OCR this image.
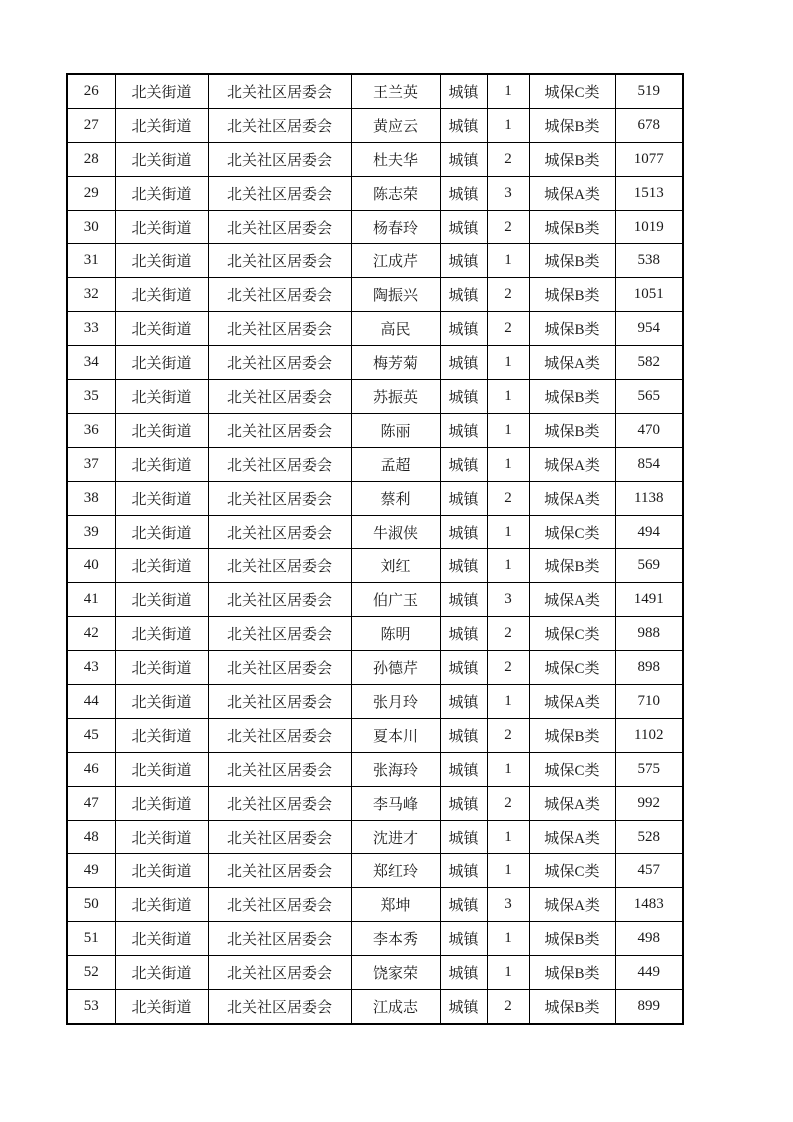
26	北关街道	北关社区居委会	王兰英	城镇	1	城保C类	519
27	北关街道	北关社区居委会	黄应云	城镇	1	城保B类	678
28	北关街道	北关社区居委会	杜夫华	城镇	2	城保B类	1077
29	北关街道	北关社区居委会	陈志荣	城镇	3	城保A类	1513
30	北关街道	北关社区居委会	杨春玲	城镇	2	城保B类	1019
31	北关街道	北关社区居委会	江成芹	城镇	1	城保B类	538
32	北关街道	北关社区居委会	陶振兴	城镇	2	城保B类	1051
33	北关街道	北关社区居委会	高民	城镇	2	城保B类	954
34	北关街道	北关社区居委会	梅芳菊	城镇	1	城保A类	582
35	北关街道	北关社区居委会	苏振英	城镇	1	城保B类	565
36	北关街道	北关社区居委会	陈丽	城镇	1	城保B类	470
37	北关街道	北关社区居委会	孟超	城镇	1	城保A类	854
38	北关街道	北关社区居委会	蔡利	城镇	2	城保A类	1138
39	北关街道	北关社区居委会	牛淑侠	城镇	1	城保C类	494
40	北关街道	北关社区居委会	刘红	城镇	1	城保B类	569
41	北关街道	北关社区居委会	伯广玉	城镇	3	城保A类	1491
42	北关街道	北关社区居委会	陈明	城镇	2	城保C类	988
43	北关街道	北关社区居委会	孙德芹	城镇	2	城保C类	898
44	北关街道	北关社区居委会	张月玲	城镇	1	城保A类	710
45	北关街道	北关社区居委会	夏本川	城镇	2	城保B类	1102
46	北关街道	北关社区居委会	张海玲	城镇	1	城保C类	575
47	北关街道	北关社区居委会	李马峰	城镇	2	城保A类	992
48	北关街道	北关社区居委会	沈进才	城镇	1	城保A类	528
49	北关街道	北关社区居委会	郑红玲	城镇	1	城保C类	457
50	北关街道	北关社区居委会	郑坤	城镇	3	城保A类	1483
51	北关街道	北关社区居委会	李本秀	城镇	1	城保B类	498
52	北关街道	北关社区居委会	饶家荣	城镇	1	城保B类	449
53	北关街道	北关社区居委会	江成志	城镇	2	城保B类	899
